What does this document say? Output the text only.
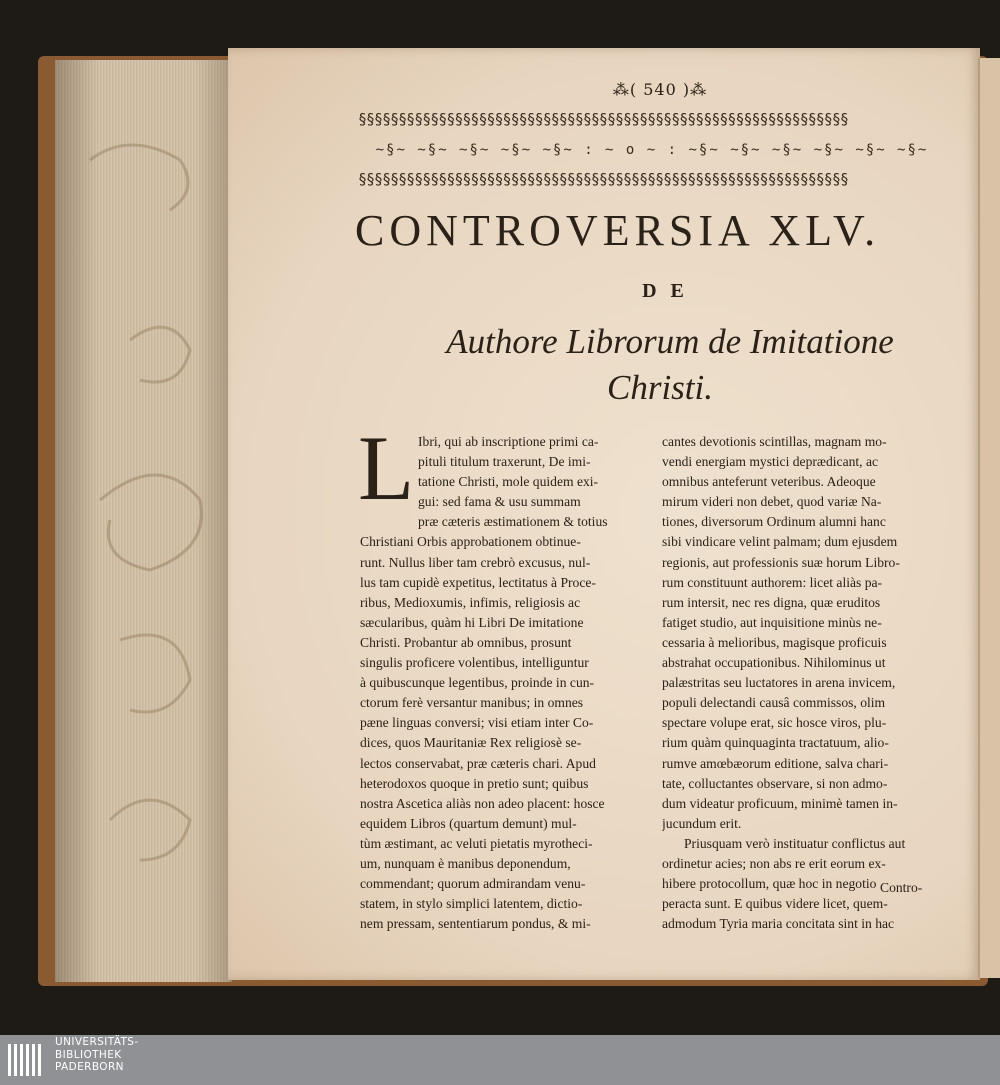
⁂( 540 )⁂
§§§§§§§§§§§§§§§§§§§§§§§§§§§§§§§§§§§§§§§§§§§§§§§§§§§§§§§§§§§§§
~§~ ~§~ ~§~ ~§~ ~§~ : ~ o ~ : ~§~ ~§~ ~§~ ~§~ ~§~ ~§~
§§§§§§§§§§§§§§§§§§§§§§§§§§§§§§§§§§§§§§§§§§§§§§§§§§§§§§§§§§§§§
CONTROVERSIA XLV.
DE
Authore Librorum de Imitatione
Christi.
L Ibri, qui ab inscriptione primi ca-
pituli titulum traxerunt, De imi-
tatione Christi, mole quidem exi-
gui: sed fama & usu summam
præ cæteris æstimationem & totius
Christiani Orbis approbationem obtinue-
runt. Nullus liber tam crebrò excusus, nul-
lus tam cupidè expetitus, lectitatus à Proce-
ribus, Medioxumis, infimis, religiosis ac
sæcularibus, quàm hi Libri De imitatione
Christi. Probantur ab omnibus, prosunt
singulis proficere volentibus, intelliguntur
à quibuscunque legentibus, proinde in cun-
ctorum ferè versantur manibus; in omnes
pæne linguas conversi; visi etiam inter Co-
dices, quos Mauritaniæ Rex religiosè se-
lectos conservabat, præ cæteris chari. Apud
heterodoxos quoque in pretio sunt; quibus
nostra Ascetica aliàs non adeo placent: hosce
equidem Libros (quartum demunt) mul-
tùm æstimant, ac veluti pietatis myrotheci-
um, nunquam è manibus deponendum,
commendant; quorum admirandam venu-
statem, in stylo simplici latentem, dictio-
nem pressam, sententiarum pondus, & mi-
cantes devotionis scintillas, magnam mo-
vendi energiam mystici deprædicant, ac
omnibus anteferunt veteribus. Adeoque
mirum videri non debet, quod variæ Na-
tiones, diversorum Ordinum alumni hanc
sibi vindicare velint palmam; dum ejusdem
regionis, aut professionis suæ horum Libro-
rum constituunt authorem: licet aliàs pa-
rum intersit, nec res digna, quæ eruditos
fatiget studio, aut inquisitione minùs ne-
cessaria à melioribus, magisque proficuis
abstrahat occupationibus. Nihilominus ut
palæstritas seu luctatores in arena invicem,
populi delectandi causâ commissos, olim
spectare volupe erat, sic hosce viros, plu-
rium quàm quinquaginta tractatuum, alio-
rumve amœbæorum editione, salva chari-
tate, colluctantes observare, si non admo-
dum videatur proficuum, minimè tamen in-
jucundum erit.
Priusquam verò instituatur conflictus aut
ordinetur acies; non abs re erit eorum ex-
hibere protocollum, quæ hoc in negotio
peracta sunt. E quibus videre licet, quem-
admodum Tyria maria concitata sint in hac
Contro-
UNIVERSITÄTS-
BIBLIOTHEK
PADERBORN
